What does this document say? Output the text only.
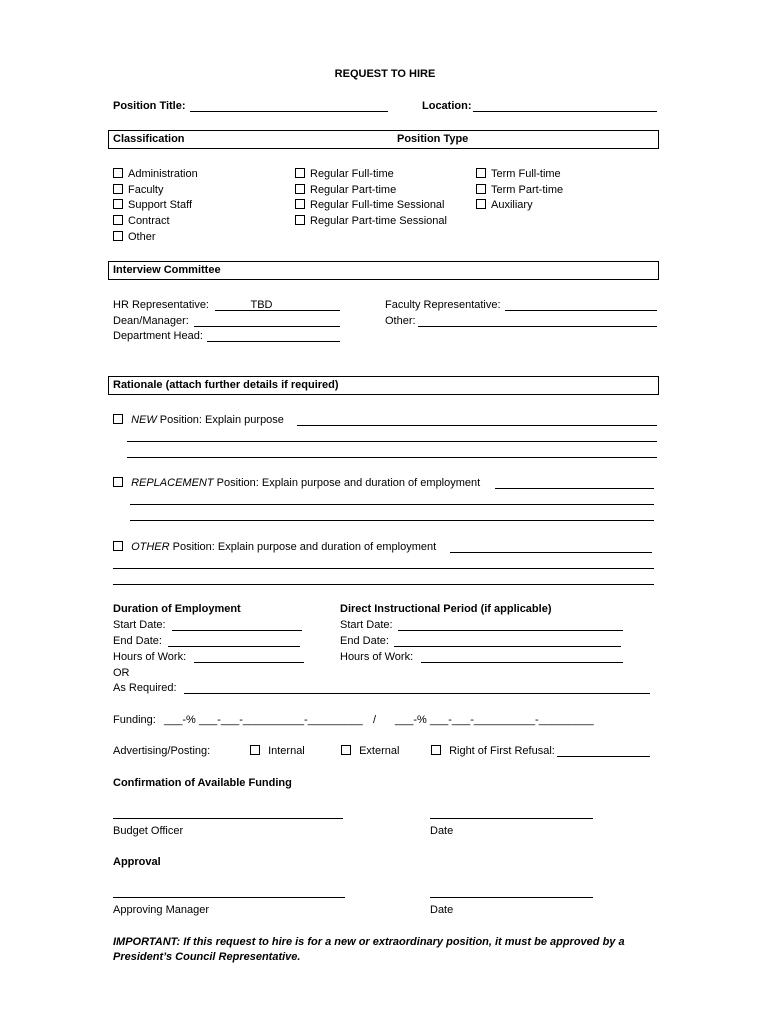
REQUEST TO HIRE
Position Title:	Location:
Classification	Position Type
Administration
Faculty
Support Staff
Contract
Other
Regular Full-time
Regular Part-time
Regular Full-time Sessional
Regular Part-time Sessional
Term Full-time
Term Part-time
Auxiliary
Interview Committee
HR Representative:	TBD
Dean/Manager:
Department Head:
Faculty Representative:
Other:
Rationale (attach further details if required)
NEW Position: Explain purpose
REPLACEMENT Position: Explain purpose and duration of employment
OTHER Position: Explain purpose and duration of employment
Duration of Employment
Start Date:
End Date:
Hours of Work:
OR
As Required:
Direct Instructional Period (if applicable)
Start Date:
End Date:
Hours of Work:
Funding: ___-% ___-___-__________-_________ / ___-% ___-___-__________-_________
Advertising/Posting:	Internal	External	Right of First Refusal:
Confirmation of Available Funding
Budget Officer	Date
Approval
Approving Manager	Date
IMPORTANT: If this request to hire is for a new or extraordinary position, it must be approved by a
President’s Council Representative.
